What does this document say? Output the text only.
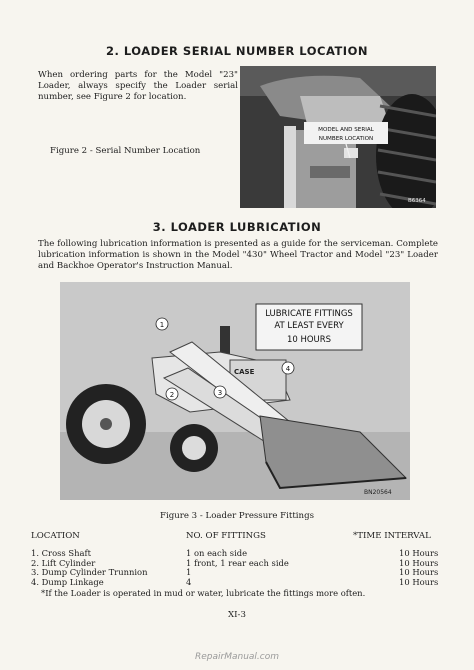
2. LOADER SERIAL NUMBER LOCATION
When ordering parts for the Model "23" Loader, always specify the Loader serial number, see Figure 2 for location.
Figure 2 - Serial Number Location
MODEL AND SERIAL
NUMBER LOCATION
B6364
3. LOADER LUBRICATION
The following lubrication information is presented as a guide for the serviceman. Complete lubrication information is shown in the Model "430" Wheel Tractor and Model "23" Loader and Backhoe Operator's Instruction Manual.
CASE
LUBRICATE FITTINGS
AT LEAST EVERY
10 HOURS
1
2	3
4
BN20564
Figure 3 - Loader Pressure Fittings
LOCATION	NO. OF FITTINGS	*TIME INTERVAL
1. Cross Shaft	1 on each side	10 Hours
2. Lift Cylinder	1 front, 1 rear each side	10 Hours
3. Dump Cylinder Trunnion	1	10 Hours
4. Dump Linkage	4	10 Hours
*If the Loader is operated in mud or water, lubricate the fittings more often.
XI-3
RepairManual.com
